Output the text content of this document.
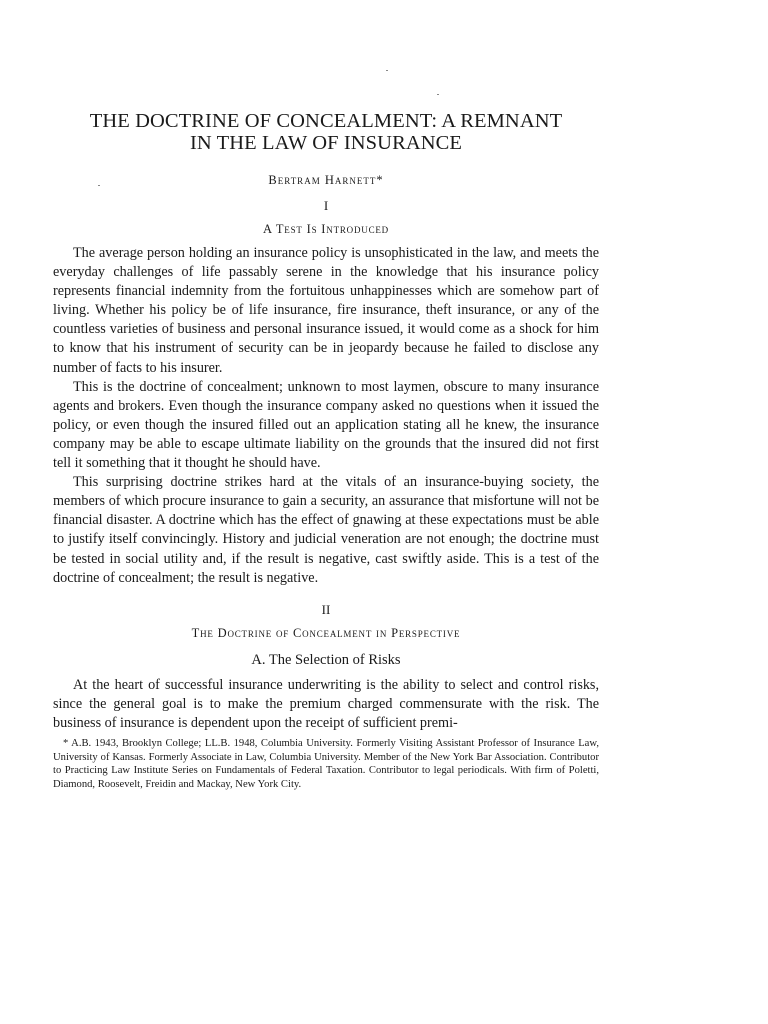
THE DOCTRINE OF CONCEALMENT: A REMNANT
IN THE LAW OF INSURANCE
Bertram Harnett*
I
A Test Is Introduced

The average person holding an insurance policy is unsophisticated in the law, and meets the everyday challenges of life passably serene in the knowledge that his insurance policy represents financial indemnity from the fortuitous unhappinesses which are somehow part of living. Whether his policy be of life insurance, fire insurance, theft insurance, or any of the countless varieties of business and personal insurance issued, it would come as a shock for him to know that his instrument of security can be in jeopardy because he failed to disclose any number of facts to his insurer.

This is the doctrine of concealment; unknown to most laymen, obscure to many insurance agents and brokers. Even though the insurance company asked no questions when it issued the policy, or even though the insured filled out an application stating all he knew, the insurance company may be able to escape ultimate liability on the grounds that the insured did not first tell it something that it thought he should have.

This surprising doctrine strikes hard at the vitals of an insurance-buying society, the members of which procure insurance to gain a security, an assurance that misfortune will not be financial disaster. A doctrine which has the effect of gnawing at these expectations must be able to justify itself convincingly. History and judicial veneration are not enough; the doctrine must be tested in social utility and, if the result is negative, cast swiftly aside. This is a test of the doctrine of concealment; the result is negative.

II
The Doctrine of Concealment in Perspective
A. The Selection of Risks

At the heart of successful insurance underwriting is the ability to select and control risks, since the general goal is to make the premium charged commensurate with the risk. The business of insurance is dependent upon the receipt of sufficient premi-

* A.B. 1943, Brooklyn College; LL.B. 1948, Columbia University. Formerly Visiting Assistant Professor of Insurance Law, University of Kansas. Formerly Associate in Law, Columbia University. Member of the New York Bar Association. Contributor to Practicing Law Institute Series on Fundamentals of Federal Taxation. Contributor to legal periodicals. With firm of Poletti, Diamond, Roosevelt, Freidin and Mackay, New York City.
